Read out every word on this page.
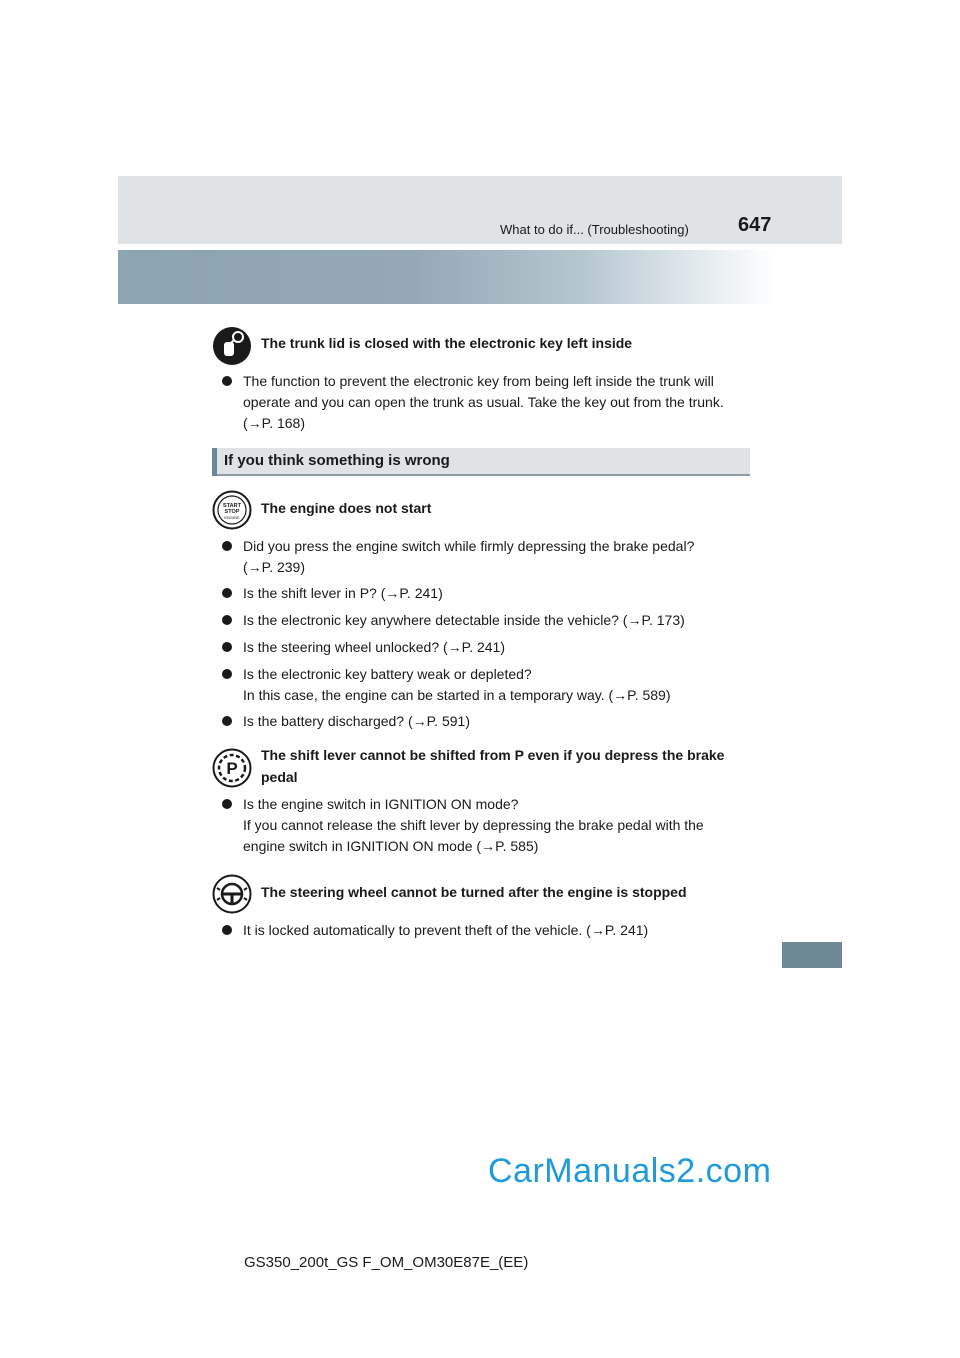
What to do if... (Troubleshooting) 647
The trunk lid is closed with the electronic key left inside
The function to prevent the electronic key from being left inside the trunk will
operate and you can open the trunk as usual. Take the key out from the trunk.
(→P. 168)
If you think something is wrong
START
STOP
ENGINE
The engine does not start
Did you press the engine switch while firmly depressing the brake pedal?
(→P. 239)
Is the shift lever in P? (→P. 241)
Is the electronic key anywhere detectable inside the vehicle? (→P. 173)
Is the steering wheel unlocked? (→P. 241)
Is the electronic key battery weak or depleted?
In this case, the engine can be started in a temporary way. (→P. 589)
Is the battery discharged? (→P. 591)
P
The shift lever cannot be shifted from P even if you depress the brake
pedal
Is the engine switch in IGNITION ON mode?
If you cannot release the shift lever by depressing the brake pedal with the
engine switch in IGNITION ON mode (→P. 585)
The steering wheel cannot be turned after the engine is stopped
It is locked automatically to prevent theft of the vehicle. (→P. 241)
CarManuals2.com
GS350_200t_GS F_OM_OM30E87E_(EE)
